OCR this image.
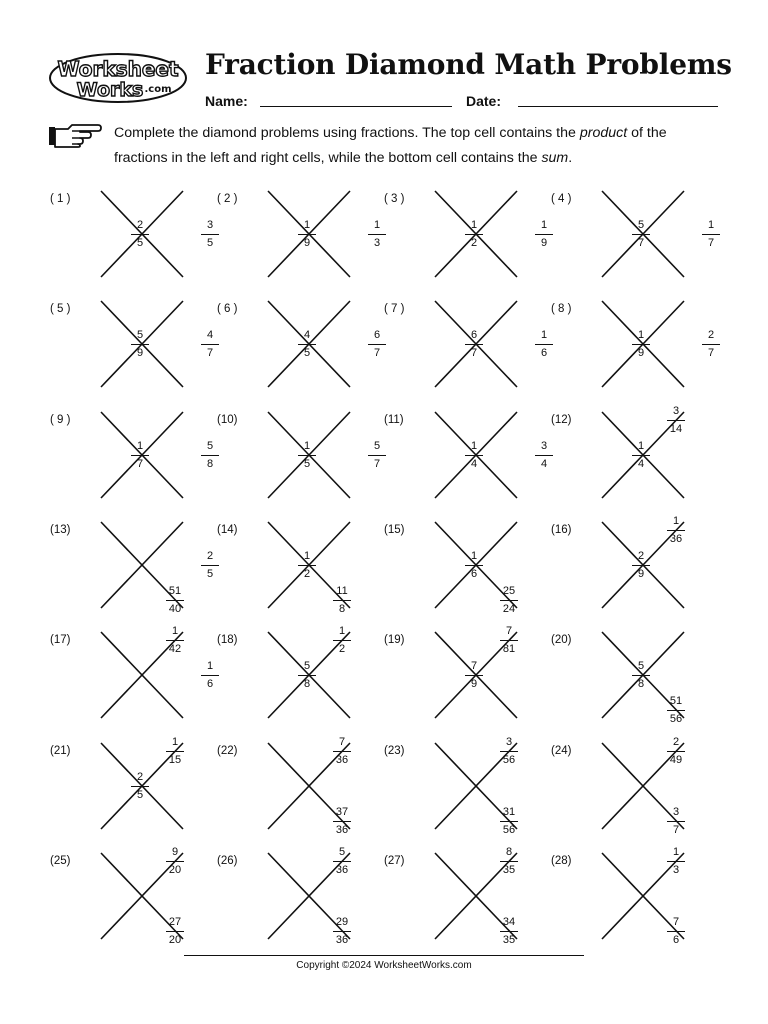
Worksheet
Works .com
Fraction Diamond Math Problems
Name:	Date:
Complete the diamond problems using fractions. The top cell contains the product of the fractions in the left and right cells, while the bottom cell contains the sum.
( 1 )
2
5
3
5
( 2 )
1
9
1
3
( 3 )
1
2
1
9
( 4 )
5
7
1
7
( 5 )
5
9
4
7
( 6 )
4
5
6
7
( 7 )
6
7
1
6
( 8 )
1
9
2
7
( 9 )
1
7
5
8
(10)
1
5
5
7
(11)
1
4
3
4
(12)
1
4
3
14
(13)
2
5
51
40
(14)
1
2
11
8
(15)
1
6
25
24
(16)
2
9
1
36
(17)
1
6
1
42
(18)
5
8
1
2
(19)
7
9
7
81
(20)
5
8
51
56
(21)
2
5
1
15
(22)
7
36
37
36
(23)
3
56
31
56
(24)
2
49
3
7
(25)
9
20
27
20
(26)
5
36
29
36
(27)
8
35
34
35
(28)
1
3
7
6
Copyright ©2024 WorksheetWorks.com
